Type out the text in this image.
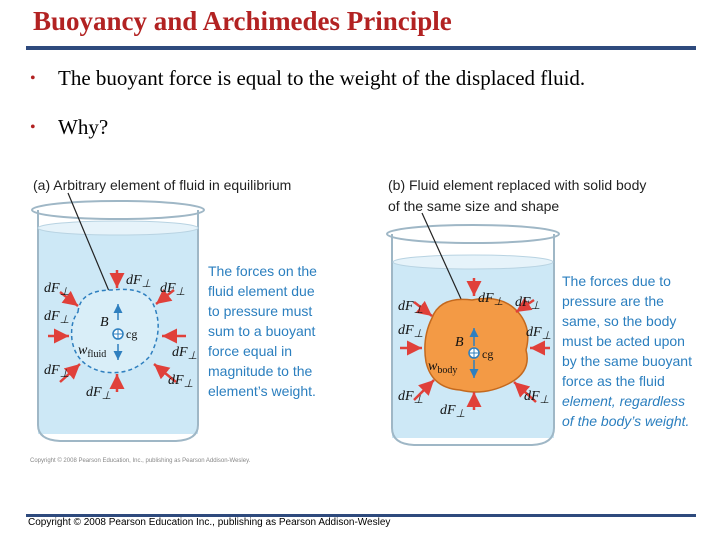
Buoyancy and Archimedes Principle
• The buoyant force is equal to the weight of the displaced fluid.
• Why?
(a) Arbitrary element of fluid in equilibrium
B
cg
$w_{fluid}$
$dF_\perp$
$dF_\perp$	$dF_\perp$
$dF_\perp$
$dF_\perp$
$dF_\perp$	$dF_\perp$
$dF_\perp$
The forces on the
fluid element due
to pressure must
sum to a buoyant
force equal in
magnitude to the
element’s weight.
Copyright © 2008 Pearson Education, Inc., publishing as Pearson Addison-Wesley.
(b) Fluid element replaced with solid body
of the same size and shape
B
cg
$w_{body}$
$dF_\perp$
$dF_\perp$	$dF_\perp$
$dF_\perp$	$dF_\perp$
$dF_\perp$	$dF_\perp$
$dF_\perp$
The forces due to
pressure are the
same, so the body
must be acted upon
by the same buoyant
force as the fluid
element, regardless
of the body’s weight.
Copyright © 2008 Pearson Education Inc., publishing as Pearson Addison-Wesley
